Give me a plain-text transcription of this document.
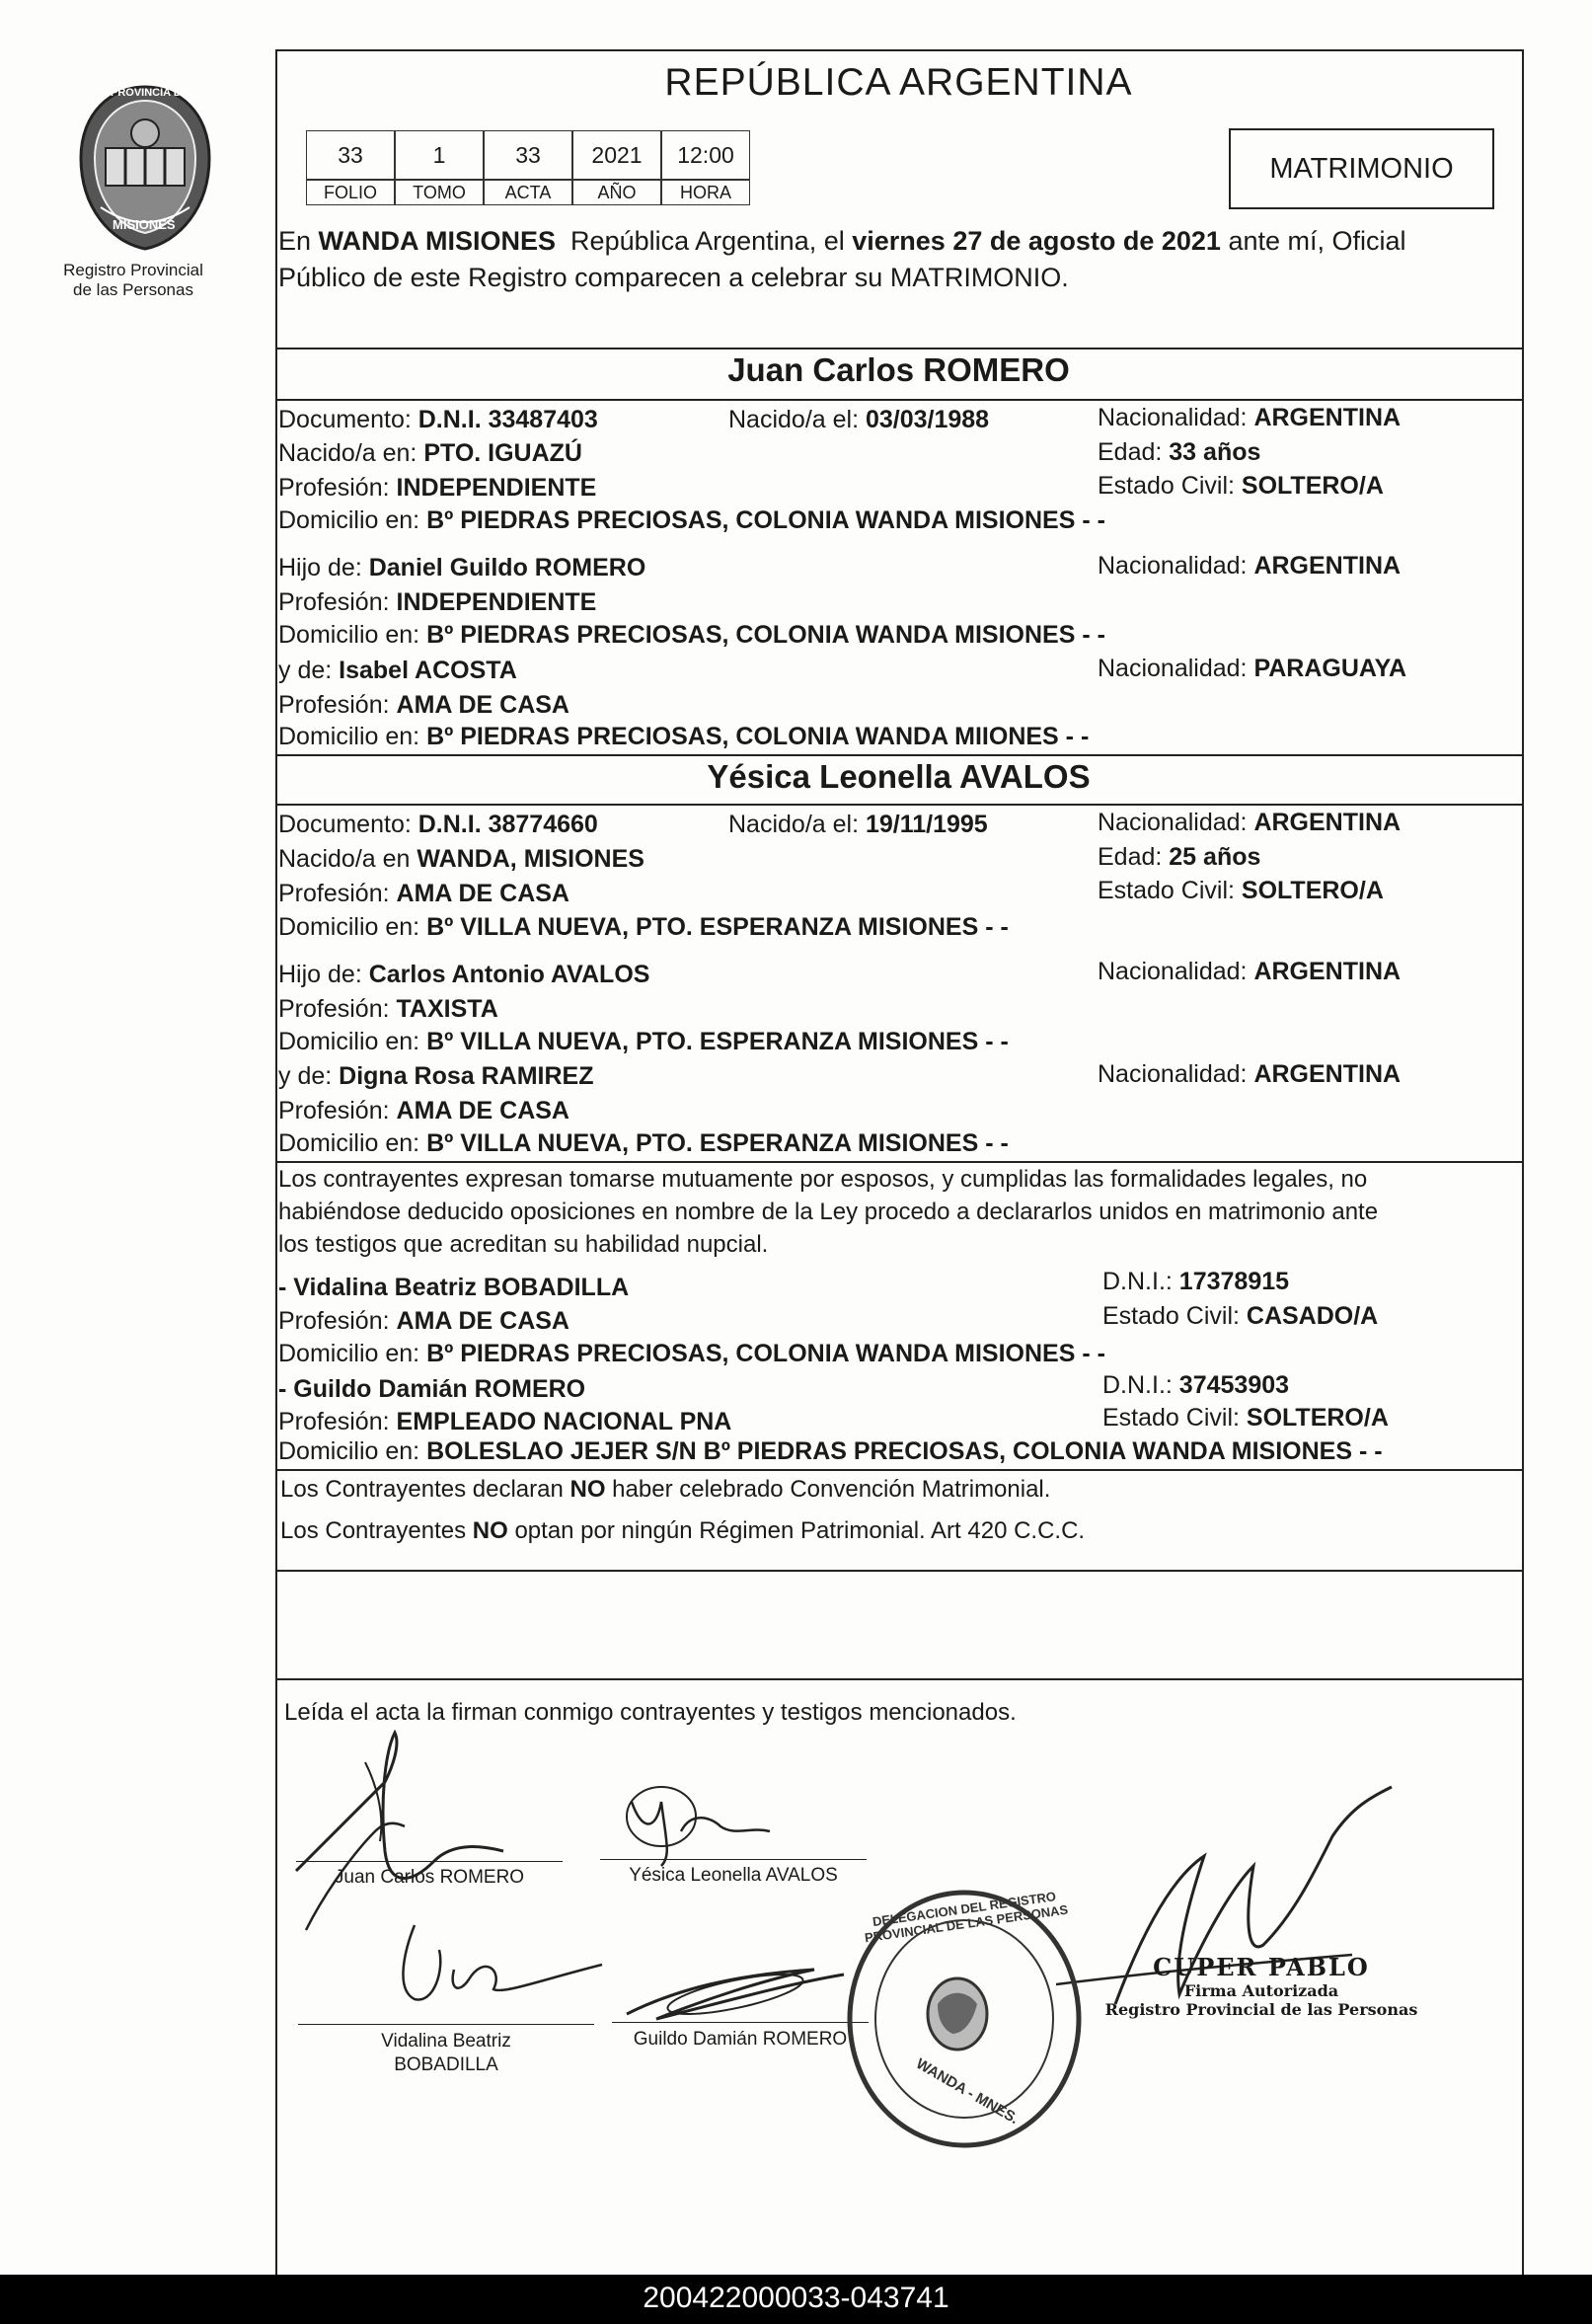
PROVINCIA DE
MISIONES
Registro Provincial
de las Personas
REPÚBLICA ARGENTINA
33	1	33	2021	12:00
FOLIO	TOMO	ACTA	AÑO	HORA
MATRIMONIO
En WANDA MISIONES  República Argentina, el viernes 27 de agosto de 2021 ante mí, Oficial
Público de este Registro comparecen a celebrar su MATRIMONIO.
Juan Carlos ROMERO
Documento: D.N.I. 33487403	Nacido/a el: 03/03/1988	Nacionalidad: ARGENTINA
Nacido/a en: PTO. IGUAZÚ	Edad: 33 años
Profesión: INDEPENDIENTE	Estado Civil: SOLTERO/A
Domicilio en: Bº PIEDRAS PRECIOSAS, COLONIA WANDA MISIONES - -
Hijo de: Daniel Guildo ROMERO	Nacionalidad: ARGENTINA
Profesión: INDEPENDIENTE
Domicilio en: Bº PIEDRAS PRECIOSAS, COLONIA WANDA MISIONES - -
y de: Isabel ACOSTA	Nacionalidad: PARAGUAYA
Profesión: AMA DE CASA
Domicilio en: Bº PIEDRAS PRECIOSAS, COLONIA WANDA MIIONES - -
Yésica Leonella AVALOS
Documento: D.N.I. 38774660	Nacido/a el: 19/11/1995	Nacionalidad: ARGENTINA
Nacido/a en WANDA, MISIONES	Edad: 25 años
Profesión: AMA DE CASA	Estado Civil: SOLTERO/A
Domicilio en: Bº VILLA NUEVA, PTO. ESPERANZA MISIONES - -
Hijo de: Carlos Antonio AVALOS	Nacionalidad: ARGENTINA
Profesión: TAXISTA
Domicilio en: Bº VILLA NUEVA, PTO. ESPERANZA MISIONES - -
y de: Digna Rosa RAMIREZ	Nacionalidad: ARGENTINA
Profesión: AMA DE CASA
Domicilio en: Bº VILLA NUEVA, PTO. ESPERANZA MISIONES - -
Los contrayentes expresan tomarse mutuamente por esposos, y cumplidas las formalidades legales, no
habiéndose deducido oposiciones en nombre de la Ley procedo a declararlos unidos en matrimonio ante
los testigos que acreditan su habilidad nupcial.
- Vidalina Beatriz BOBADILLA	D.N.I.: 17378915
Profesión: AMA DE CASA	Estado Civil: CASADO/A
Domicilio en: Bº PIEDRAS PRECIOSAS, COLONIA WANDA MISIONES - -
- Guildo Damián ROMERO	D.N.I.: 37453903
Profesión: EMPLEADO NACIONAL PNA	Estado Civil: SOLTERO/A
Domicilio en: BOLESLAO JEJER S/N Bº PIEDRAS PRECIOSAS, COLONIA WANDA MISIONES - -
Los Contrayentes declaran NO haber celebrado Convención Matrimonial.
Los Contrayentes NO optan por ningún Régimen Patrimonial. Art 420 C.C.C.
Leída el acta la firman conmigo contrayentes y testigos mencionados.
Juan Carlos ROMERO	Yésica Leonella AVALOS
Vidalina Beatriz
BOBADILLA
Guildo Damián ROMERO
DELEGACION DEL REGISTRO PROVINCIAL DE LAS PERSONAS
WANDA - MNES.
CUPER PABLO
Firma Autorizada
Registro Provincial de las Personas
200422000033-043741
